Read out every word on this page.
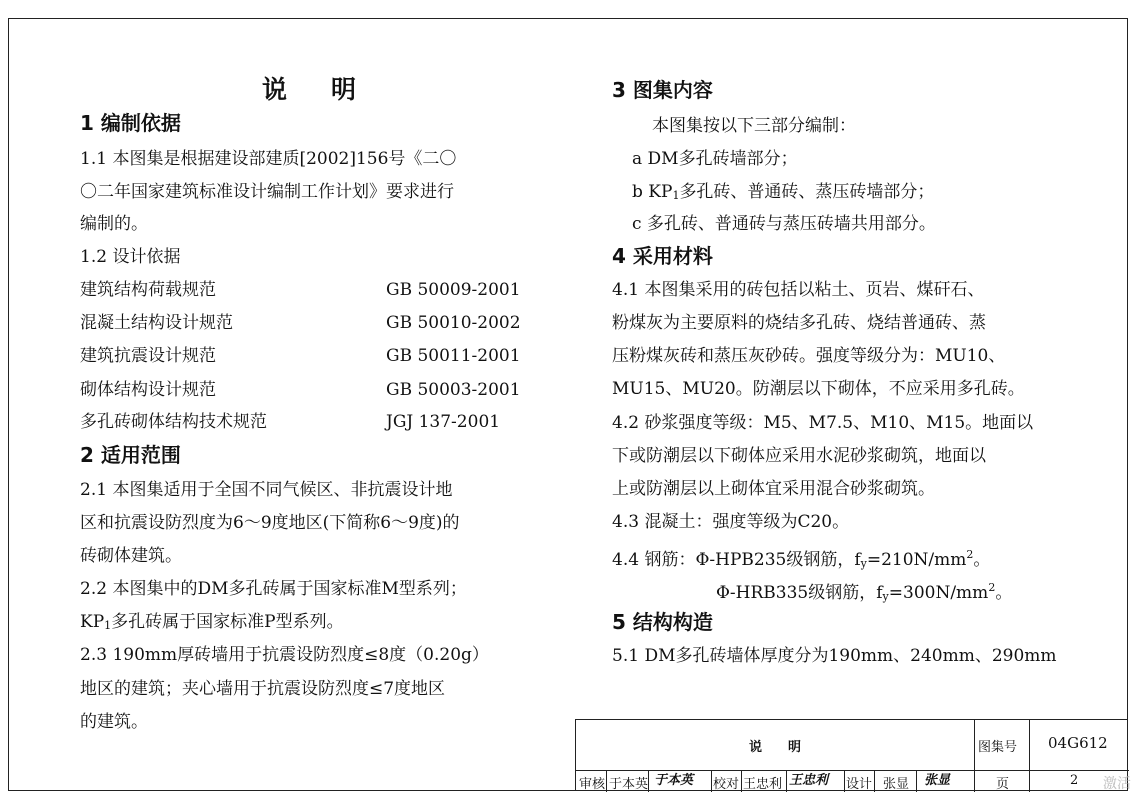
说 明
1 编制依据
1.1 本图集是根据建设部建质[2002]156号《二〇
〇二年国家建筑标准设计编制工作计划》要求进行
编制的。
1.2 设计依据
建筑结构荷载规范	GB 50009-2001
混凝土结构设计规范	GB 50010-2002
建筑抗震设计规范	GB 50011-2001
砌体结构设计规范	GB 50003-2001
多孔砖砌体结构技术规范	JGJ 137-2001
2 适用范围
2.1 本图集适用于全国不同气候区、非抗震设计地
区和抗震设防烈度为6～9度地区(下简称6～9度)的
砖砌体建筑。
2.2 本图集中的DM多孔砖属于国家标准M型系列；
KP1多孔砖属于国家标准P型系列。
2.3 190mm厚砖墙用于抗震设防烈度≤8度（0.20g）
地区的建筑；夹心墙用于抗震设防烈度≤7度地区
的建筑。
3 图集内容
本图集按以下三部分编制：
a DM多孔砖墙部分；
b KP1多孔砖、普通砖、蒸压砖墙部分；
c 多孔砖、普通砖与蒸压砖墙共用部分。
4 采用材料
4.1 本图集采用的砖包括以粘土、页岩、煤矸石、
粉煤灰为主要原料的烧结多孔砖、烧结普通砖、蒸
压粉煤灰砖和蒸压灰砂砖。强度等级分为：MU10、
MU15、MU20。防潮层以下砌体，不应采用多孔砖。
4.2 砂浆强度等级：M5、M7.5、M10、M15。地面以
下或防潮层以下砌体应采用水泥砂浆砌筑，地面以
上或防潮层以上砌体宜采用混合砂浆砌筑。
4.3 混凝土：强度等级为C20。
4.4 钢筋：Φ-HPB235级钢筋，$fy=210N/mm^2$。
Φ-HRB335级钢筋，$fy=300N/mm^2$。
5 结构构造
5.1 DM多孔砖墙体厚度分为190mm、240mm、290mm
说　　明	图集号 04G612
审核 于本英 于本英 校对 王忠利 王忠利 设计 张显 张显	页	2 激活
